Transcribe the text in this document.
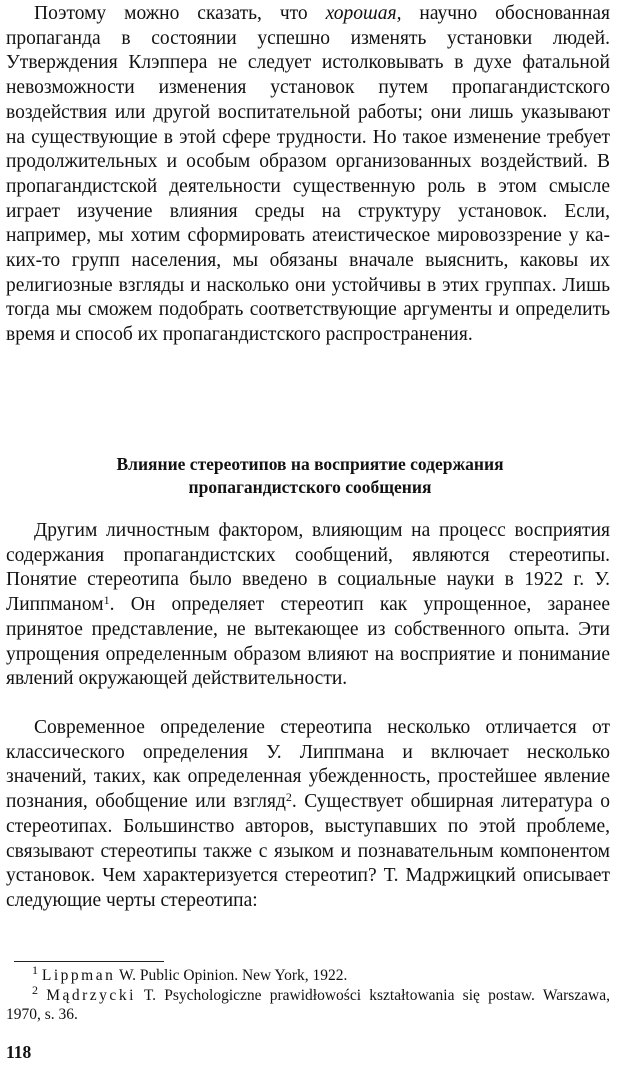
Поэтому можно сказать, что хорошая, научно обоснованная пропаганда в состоянии успешно изменять установки людей. Утверждения Клэппера не следует истолковывать в духе фатальной невозможности изменения установок путем пропагандистского воздействия или другой воспитательной работы; они лишь указывают на существующие в этой сфере трудности. Но такое изменение требует продолжительных и особым образом организованных воздействий. В пропагандистской деятельности существенную роль в этом смысле играет изучение влияния среды на структуру установок. Если, например, мы хотим сформировать атеистическое мировоззрение у каких-то групп населения, мы обязаны вначале выяснить, каковы их религиозные взгляды и насколько они устойчивы в этих группах. Лишь тогда мы сможем подобрать соответствующие аргументы и определить время и способ их пропагандистского распространения.

Влияние стереотипов на восприятие содержания
пропагандистского сообщения

Другим личностным фактором, влияющим на процесс восприятия содержания пропагандистских сообщений, являются стереотипы. Понятие стереотипа было введено в социальные науки в 1922 г. У. Липпманом$^1$. Он определяет стереотип как упрощенное, заранее принятое представление, не вытекающее из собственного опыта. Эти упрощения определенным образом влияют на восприятие и понимание явлений окружающей действительности.

Современное определение стереотипа несколько отличается от классического определения У. Липпмана и включает несколько значений, таких, как определенная убежденность, простейшее явление познания, обобщение или взгляд$^2$. Существует обширная литература о стереотипах. Большинство авторов, выступавших по этой проблеме, связывают стереотипы также с языком и познавательным компонентом установок. Чем характеризуется стереотип? Т. Мадржицкий описывает следующие черты стереотипа:

$^1$ Lippman W. Public Opinion. New York, 1922.

$^2$ Mądrzycki T. Psychologiczne prawidłowości kształtowania się postaw. Warszawa, 1970, s. 36.

118
